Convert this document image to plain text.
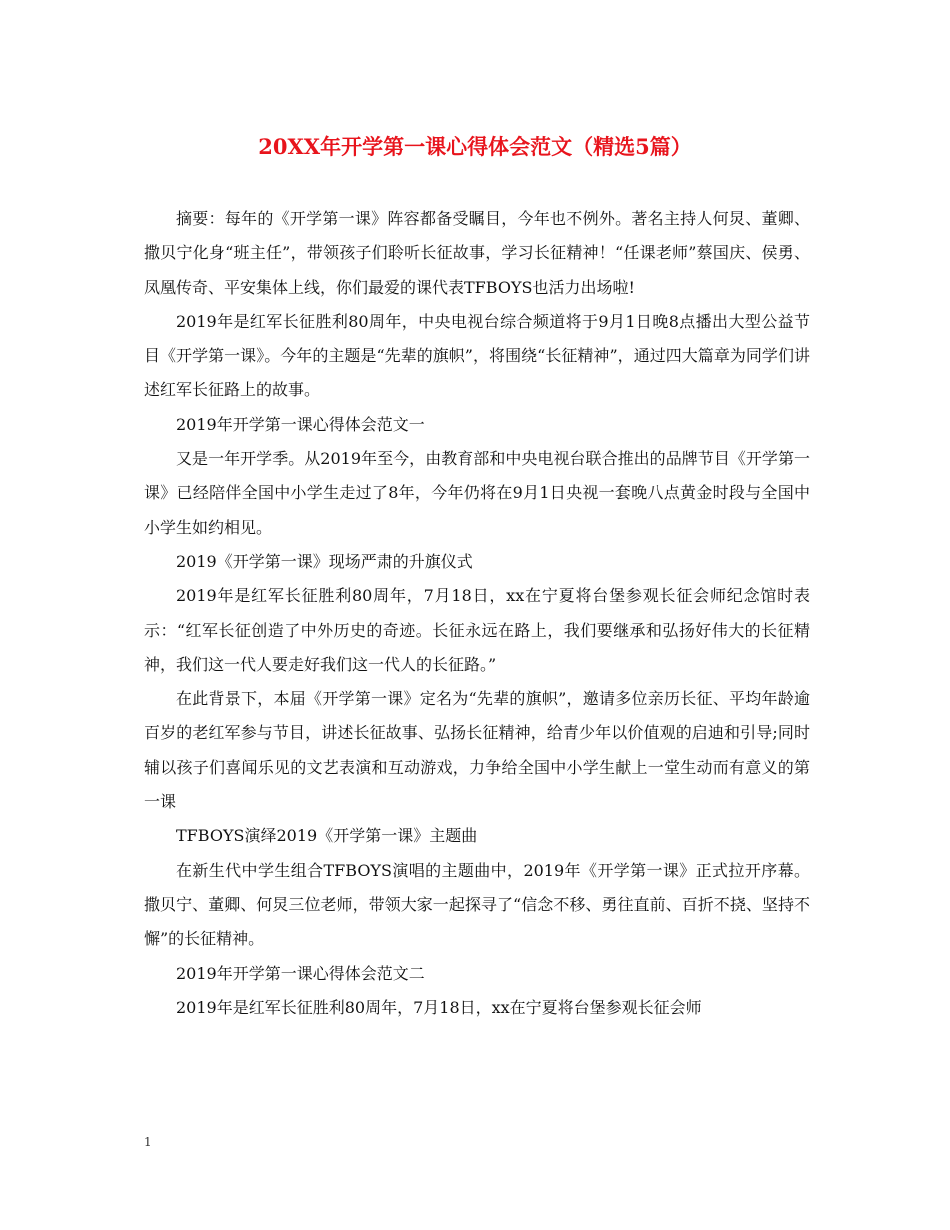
20XX年开学第一课心得体会范文（精选5篇）

摘要：每年的《开学第一课》阵容都备受瞩目，今年也不例外。著名主持人何炅、董卿、撒贝宁化身“班主任”，带领孩子们聆听长征故事，学习长征精神！“任课老师”蔡国庆、侯勇、凤凰传奇、平安集体上线，你们最爱的课代表TFBOYS也活力出场啦!

2019年是红军长征胜利80周年，中央电视台综合频道将于9月1日晚8点播出大型公益节目《开学第一课》。今年的主题是“先辈的旗帜”，将围绕“长征精神”，通过四大篇章为同学们讲述红军长征路上的故事。

2019年开学第一课心得体会范文一

又是一年开学季。从2019年至今，由教育部和中央电视台联合推出的品牌节目《开学第一课》已经陪伴全国中小学生走过了8年，今年仍将在9月1日央视一套晚八点黄金时段与全国中小学生如约相见。

2019《开学第一课》现场严肃的升旗仪式

2019年是红军长征胜利80周年，7月18日，xx在宁夏将台堡参观长征会师纪念馆时表示：“红军长征创造了中外历史的奇迹。长征永远在路上，我们要继承和弘扬好伟大的长征精神，我们这一代人要走好我们这一代人的长征路。”

在此背景下，本届《开学第一课》定名为“先辈的旗帜”，邀请多位亲历长征、平均年龄逾百岁的老红军参与节目，讲述长征故事、弘扬长征精神，给青少年以价值观的启迪和引导;同时辅以孩子们喜闻乐见的文艺表演和互动游戏，力争给全国中小学生献上一堂生动而有意义的第一课

TFBOYS演绎2019《开学第一课》主题曲

在新生代中学生组合TFBOYS演唱的主题曲中，2019年《开学第一课》正式拉开序幕。撒贝宁、董卿、何炅三位老师，带领大家一起探寻了“信念不移、勇往直前、百折不挠、坚持不懈”的长征精神。

2019年开学第一课心得体会范文二

2019年是红军长征胜利80周年，7月18日，xx在宁夏将台堡参观长征会师

1
